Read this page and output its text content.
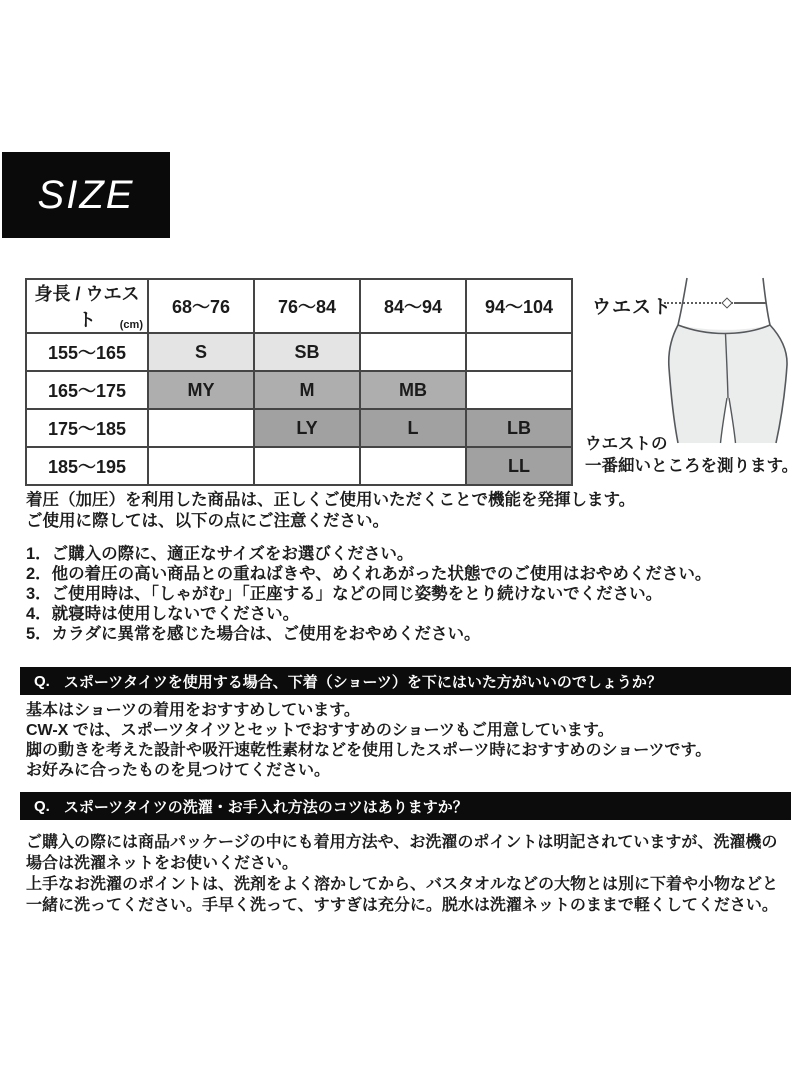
SIZE
身長 / ウエスト (cm)	68〜76	76〜84	84〜94	94〜104
155〜165	S	SB		
165〜175	MY	M	MB	
175〜185		LY	L	LB
185〜195				LL
ウエスト
ウエストの
一番細いところを測ります。
着圧（加圧）を利用した商品は、正しくご使用いただくことで機能を発揮します。
ご使用に際しては、以下の点にご注意ください。
1．ご購入の際に、適正なサイズをお選びください。
2．他の着圧の高い商品との重ねばきや、めくれあがった状態でのご使用はおやめください。
3．ご使用時は、「しゃがむ」「正座する」などの同じ姿勢をとり続けないでください。
4．就寝時は使用しないでください。
5．カラダに異常を感じた場合は、ご使用をおやめください。
Q. スポーツタイツを使用する場合、下着（ショーツ）を下にはいた方がいいのでしょうか？
基本はショーツの着用をおすすめしています。
CW-X では、スポーツタイツとセットでおすすめのショーツもご用意しています。
脚の動きを考えた設計や吸汗速乾性素材などを使用したスポーツ時におすすめのショーツです。
お好みに合ったものを見つけてください。
Q. スポーツタイツの洗濯・お手入れ方法のコツはありますか？
ご購入の際には商品パッケージの中にも着用方法や、お洗濯のポイントは明記されていますが、洗濯機の
場合は洗濯ネットをお使いください。
上手なお洗濯のポイントは、洗剤をよく溶かしてから、バスタオルなどの大物とは別に下着や小物などと
一緒に洗ってください。手早く洗って、すすぎは充分に。脱水は洗濯ネットのままで軽くしてください。
